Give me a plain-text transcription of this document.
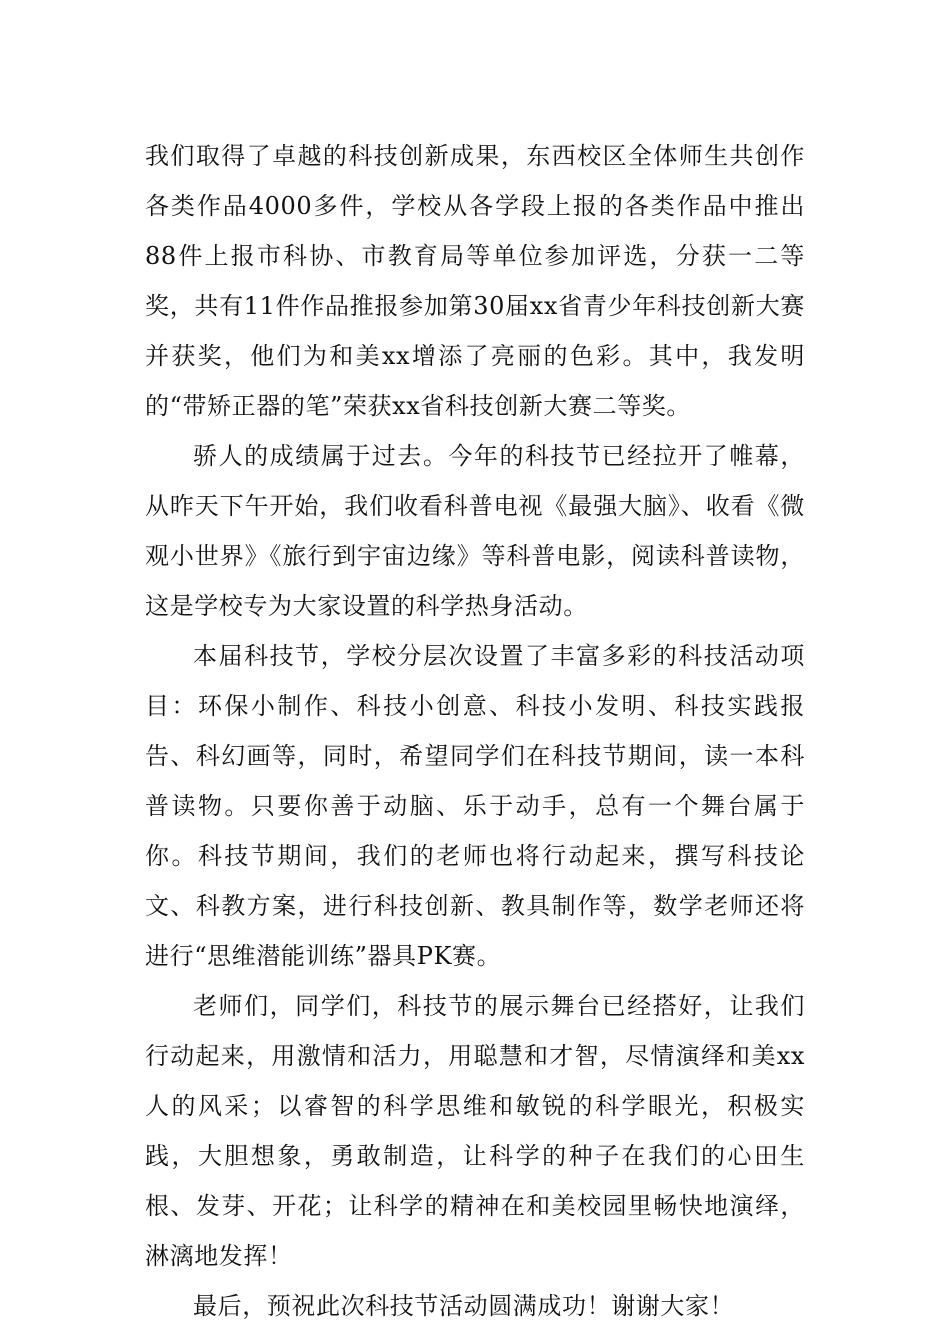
我们取得了卓越的科技创新成果，东西校区全体师生共创作各类作品4000多件，学校从各学段上报的各类作品中推出88件上报市科协、市教育局等单位参加评选，分获一二等奖，共有11件作品推报参加第30届xx省青少年科技创新大赛并获奖，他们为和美xx增添了亮丽的色彩。其中，我发明的“带矫正器的笔”荣获xx省科技创新大赛二等奖。

骄人的成绩属于过去。今年的科技节已经拉开了帷幕，从昨天下午开始，我们收看科普电视《最强大脑》、收看《微观小世界》《旅行到宇宙边缘》等科普电影，阅读科普读物，这是学校专为大家设置的科学热身活动。

本届科技节，学校分层次设置了丰富多彩的科技活动项目：环保小制作、科技小创意、科技小发明、科技实践报告、科幻画等，同时，希望同学们在科技节期间，读一本科普读物。只要你善于动脑、乐于动手，总有一个舞台属于你。科技节期间，我们的老师也将行动起来，撰写科技论文、科教方案，进行科技创新、教具制作等，数学老师还将进行“思维潜能训练”器具PK赛。

老师们，同学们，科技节的展示舞台已经搭好，让我们行动起来，用激情和活力，用聪慧和才智，尽情演绎和美xx人的风采；以睿智的科学思维和敏锐的科学眼光，积极实践，大胆想象，勇敢制造，让科学的种子在我们的心田生根、发芽、开花；让科学的精神在和美校园里畅快地演绎，淋漓地发挥！

最后，预祝此次科技节活动圆满成功！谢谢大家！
